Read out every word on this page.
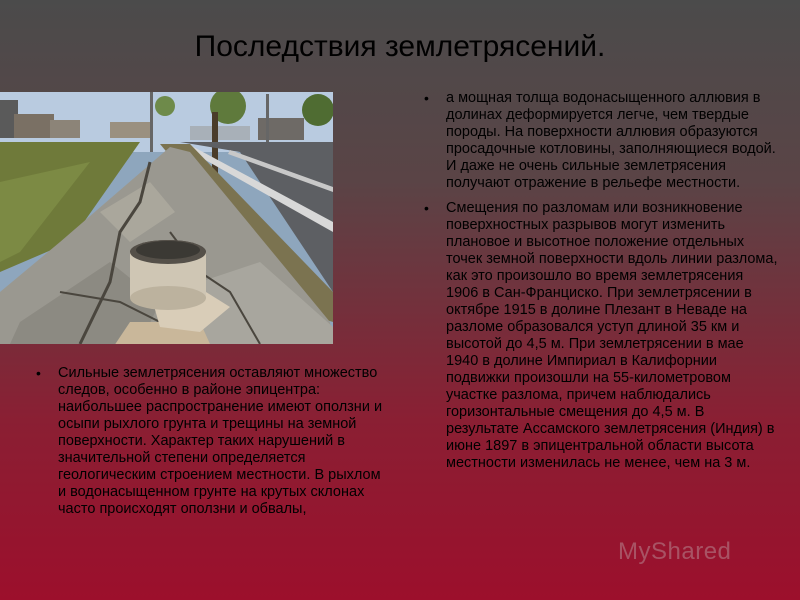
Последствия землетрясений.
• Сильные землетрясения оставляют множество следов, особенно в районе эпицентра: наибольшее распространение имеют оползни и осыпи рыхлого грунта и трещины на земной поверхности. Характер таких нарушений в значительной степени определяется геологическим строением местности. В рыхлом и водонасыщенном грунте на крутых склонах часто происходят оползни и обвалы,
• а мощная толща водонасыщенного аллювия в долинах деформируется легче, чем твердые породы. На поверхности аллювия образуются просадочные котловины, заполняющиеся водой. И даже не очень сильные землетрясения получают отражение в рельефе местности.
• Смещения по разломам или возникновение поверхностных разрывов могут изменить плановое и высотное положение отдельных точек земной поверхности вдоль линии разлома, как это произошло во время землетрясения 1906 в Сан-Франциско. При землетрясении в октябре 1915 в долине Плезант в Неваде на разломе образовался уступ длиной 35 км и высотой до 4,5 м. При землетрясении в мае 1940 в долине Импириал в Калифорнии подвижки произошли на 55-километровом участке разлома, причем наблюдались горизонтальные смещения до 4,5 м. В результате Ассамского землетрясения (Индия) в июне 1897 в эпицентральной области высота местности изменилась не менее, чем на 3 м.
MyShared
